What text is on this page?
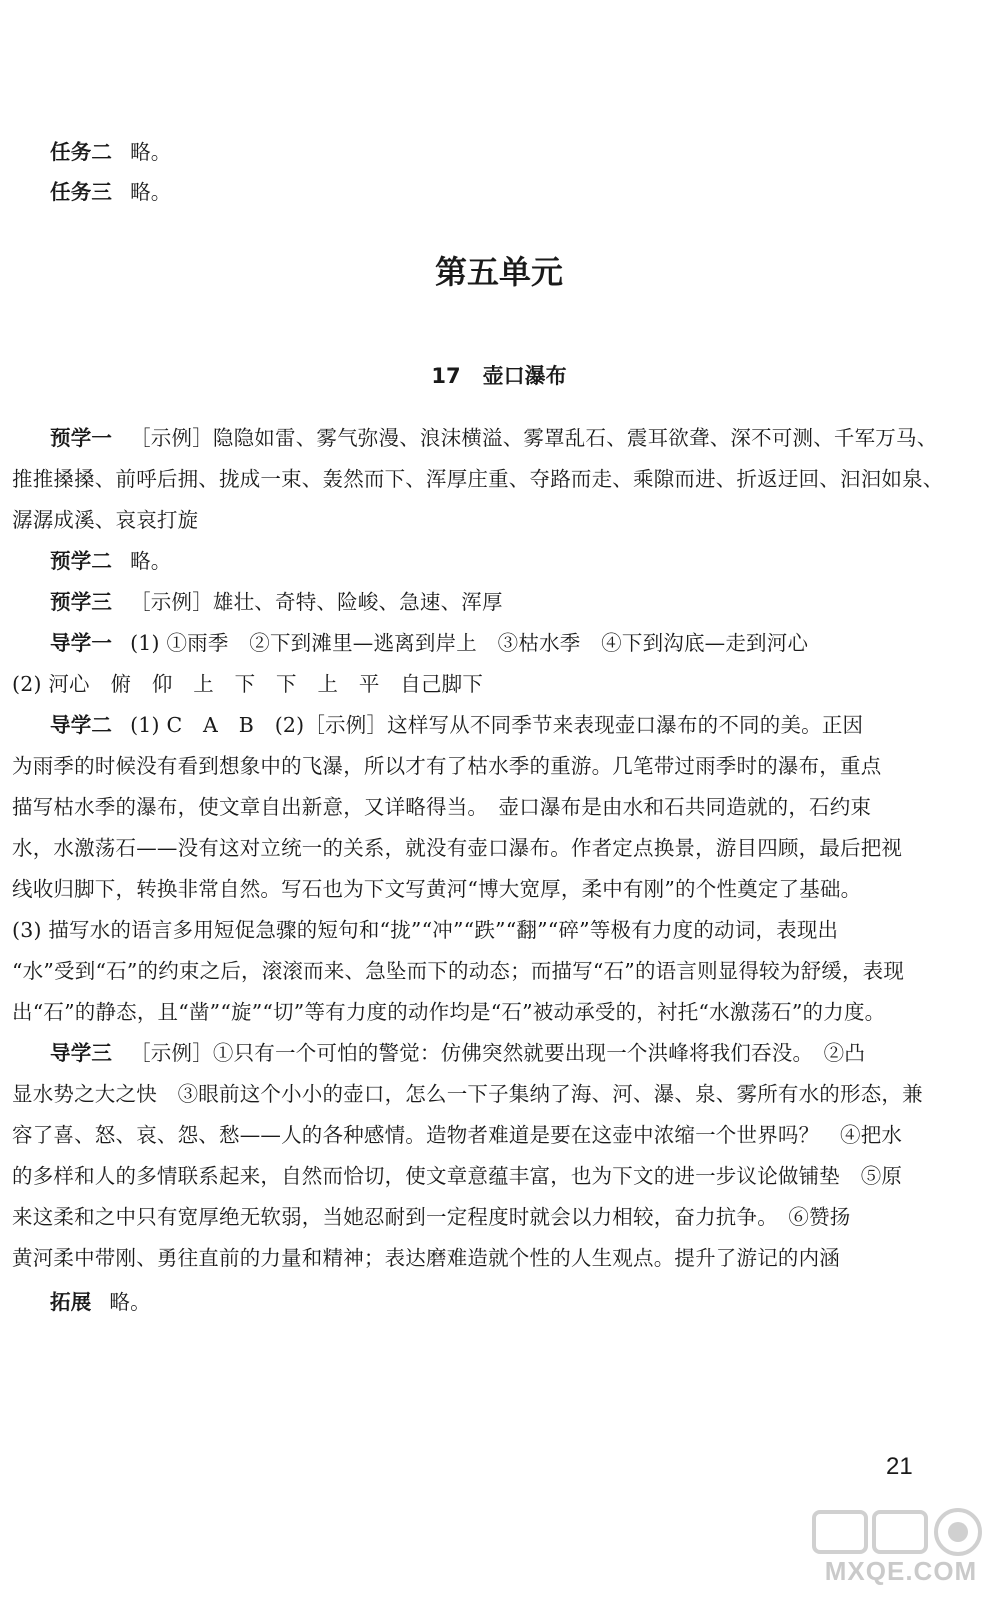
任务二 略。
任务三 略。
第五单元
17 壶口瀑布
预学一 ［示例］隐隐如雷、雾气弥漫、浪沫横溢、雾罩乱石、震耳欲聋、深不可测、千军万马、
推推搡搡、前呼后拥、拢成一束、轰然而下、浑厚庄重、夺路而走、乘隙而进、折返迂回、汩汩如泉、
潺潺成溪、哀哀打旋
预学二 略。
预学三 ［示例］雄壮、奇特、险峻、急速、浑厚
导学一 (1) ①雨季　②下到滩里—逃离到岸上　③枯水季　④下到沟底—走到河心
(2) 河心　俯　仰　上　下　下　上　平　自己脚下
导学二 (1) C　A　B　(2)［示例］这样写从不同季节来表现壶口瀑布的不同的美。正因
为雨季的时候没有看到想象中的飞瀑，所以才有了枯水季的重游。几笔带过雨季时的瀑布，重点
描写枯水季的瀑布，使文章自出新意，又详略得当。　壶口瀑布是由水和石共同造就的，石约束
水，水激荡石——没有这对立统一的关系，就没有壶口瀑布。作者定点换景，游目四顾，最后把视
线收归脚下，转换非常自然。写石也为下文写黄河“博大宽厚，柔中有刚”的个性奠定了基础。
(3) 描写水的语言多用短促急骤的短句和“拢”“冲”“跌”“翻”“碎”等极有力度的动词，表现出
“水”受到“石”的约束之后，滚滚而来、急坠而下的动态；而描写“石”的语言则显得较为舒缓，表现
出“石”的静态，且“凿”“旋”“切”等有力度的动作均是“石”被动承受的，衬托“水激荡石”的力度。
导学三 ［示例］①只有一个可怕的警觉：仿佛突然就要出现一个洪峰将我们吞没。　②凸
显水势之大之快　③眼前这个小小的壶口，怎么一下子集纳了海、河、瀑、泉、雾所有水的形态，兼
容了喜、怒、哀、怨、愁——人的各种感情。造物者难道是要在这壶中浓缩一个世界吗？　④把水
的多样和人的多情联系起来，自然而恰切，使文章意蕴丰富，也为下文的进一步议论做铺垫　⑤原
来这柔和之中只有宽厚绝无软弱，当她忍耐到一定程度时就会以力相较，奋力抗争。　⑥赞扬
黄河柔中带刚、勇往直前的力量和精神；表达磨难造就个性的人生观点。提升了游记的内涵
拓展 略。
21
MXQE.COM
